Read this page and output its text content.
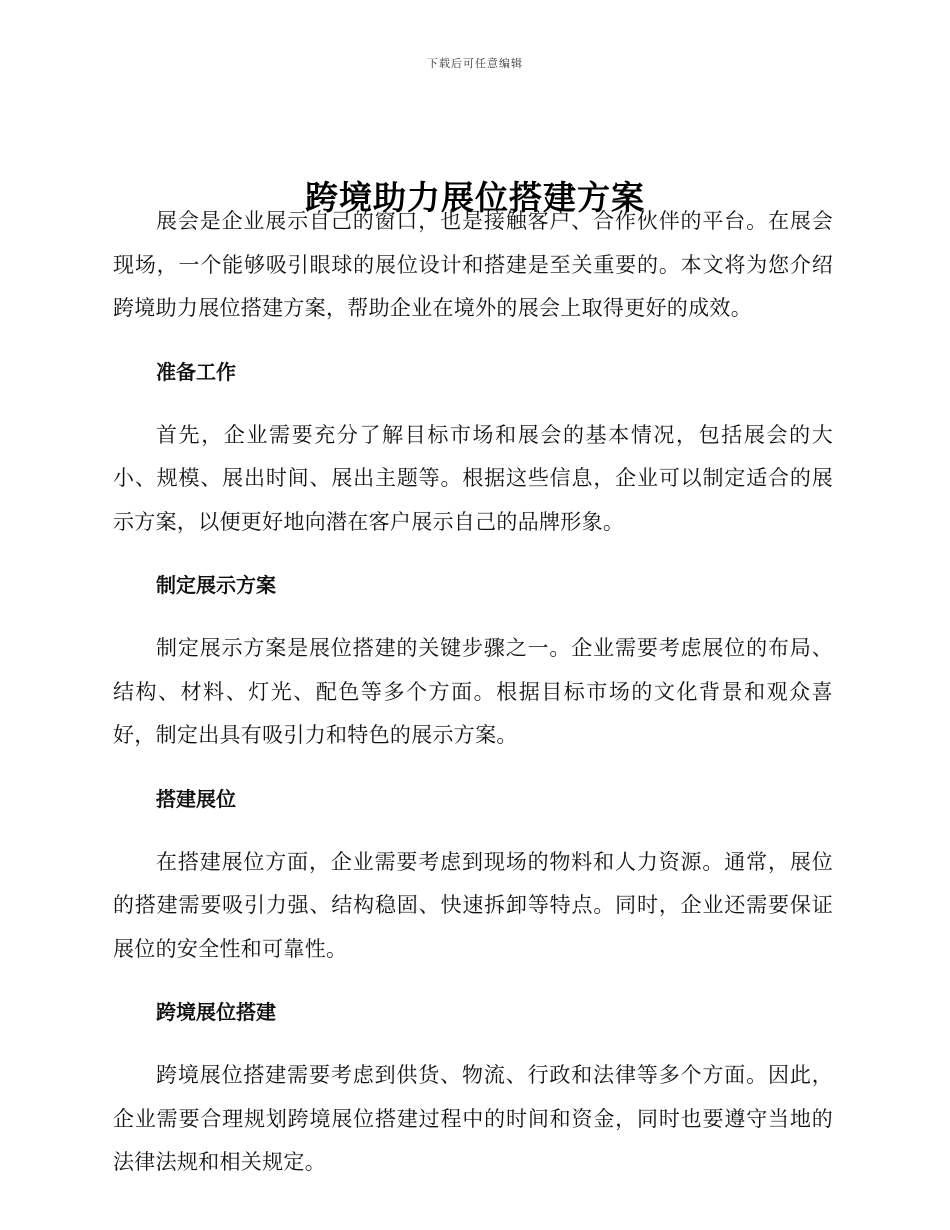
下载后可任意编辑
跨境助力展位搭建方案

展会是企业展示自己的窗口，也是接触客户、合作伙伴的平台。在展会现场，一个能够吸引眼球的展位设计和搭建是至关重要的。本文将为您介绍跨境助力展位搭建方案，帮助企业在境外的展会上取得更好的成效。

准备工作

首先，企业需要充分了解目标市场和展会的基本情况，包括展会的大小、规模、展出时间、展出主题等。根据这些信息，企业可以制定适合的展示方案，以便更好地向潜在客户展示自己的品牌形象。

制定展示方案

制定展示方案是展位搭建的关键步骤之一。企业需要考虑展位的布局、结构、材料、灯光、配色等多个方面。根据目标市场的文化背景和观众喜好，制定出具有吸引力和特色的展示方案。

搭建展位

在搭建展位方面，企业需要考虑到现场的物料和人力资源。通常，展位的搭建需要吸引力强、结构稳固、快速拆卸等特点。同时，企业还需要保证展位的安全性和可靠性。

跨境展位搭建

跨境展位搭建需要考虑到供货、物流、行政和法律等多个方面。因此，企业需要合理规划跨境展位搭建过程中的时间和资金，同时也要遵守当地的法律法规和相关规定。
